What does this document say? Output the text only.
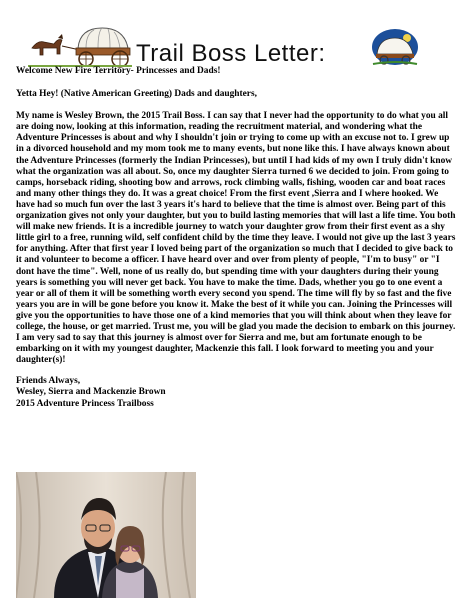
Trail Boss Letter:

Welcome New Fire Territory- Princesses and Dads!

Yetta Hey! (Native American Greeting) Dads and daughters,

My name is Wesley Brown, the 2015 Trail Boss. I can say that I never had the opportunity to do what you all are doing now, looking at this information, reading the recruitment material, and wondering what the Adventure Princesses is about and why I shouldn't join or trying to come up with an excuse not to. I grew up in a divorced household and my mom took me to many events, but none like this. I have always known about the Adventure Princesses (formerly the Indian Princesses), but until I had kids of my own I truly didn't know what the organization was all about. So, once my daughter Sierra turned 6 we decided to join. From going to camps, horseback riding, shooting bow and arrows, rock climbing walls, fishing, wooden car and boat races and many other things they do. It was a great choice! From the first event ,Sierra and I where hooked. We have had so much fun over the last 3 years it's hard to believe that the time is almost over. Being part of this organization gives not only your daughter, but you to build lasting memories that will last a life time. You both will make new friends. It is a incredible journey to watch your daughter grow from their first event as a shy little girl to a free, running wild, self confident child by the time they leave. I would not give up the last 3 years for anything. After that first year I loved being part of the organization so much that I decided to give back to it and volunteer to become a officer. I have heard over and over from plenty of people, "I'm to busy" or "I dont have the time". Well, none of us really do, but spending time with your daughters during their young years is something you will never get back. You have to make the time. Dads, whether you go to one event a year or all of them it will be something worth every second you spend. The time will fly by so fast and the five years you are in will be gone before you know it. Make the best of it while you can. Joining the Princesses will give you the opportunities to have those one of a kind memories that you will think about when they leave for college, the house, or get married. Trust me, you will be glad you made the decision to embark on this journey. I am very sad to say that this journey is almost over for Sierra and me, but am fortunate enough to be embarking on it with my youngest daughter, Mackenzie this fall. I look forward to meeting you and your daughter(s)!

Friends Always,

Wesley, Sierra and Mackenzie Brown

2015 Adventure Princess Trailboss
